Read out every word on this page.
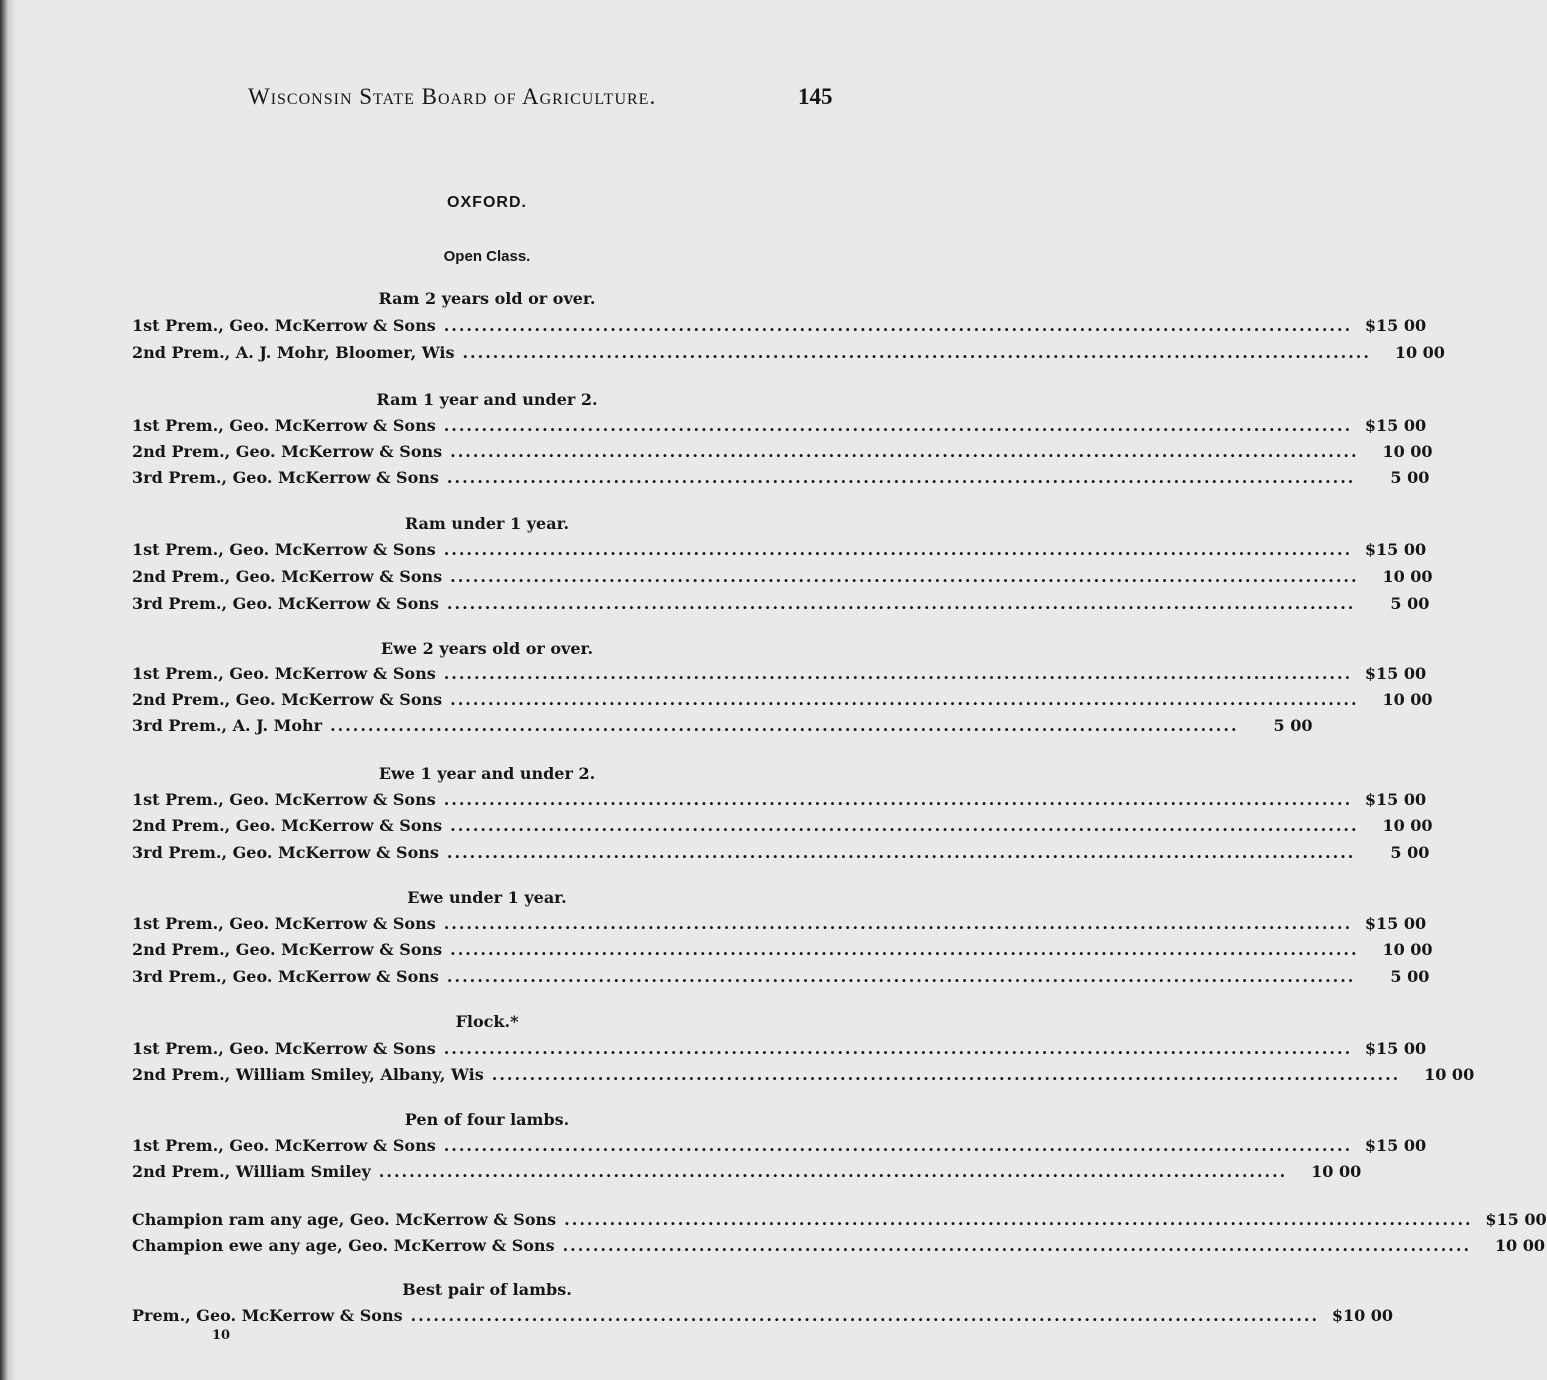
Wisconsin State Board of Agriculture.	145
OXFORD.
Open Class.
Ram 2 years old or over.
1st Prem., Geo. McKerrow & Sons ........................................................................................................................ $15 00
2nd Prem., A. J. Mohr, Bloomer, Wis ........................................................................................................................	10 00
Ram 1 year and under 2.
1st Prem., Geo. McKerrow & Sons ........................................................................................................................ $15 00
2nd Prem., Geo. McKerrow & Sons ........................................................................................................................	10 00
3rd Prem., Geo. McKerrow & Sons ........................................................................................................................	5 00
Ram under 1 year.
1st Prem., Geo. McKerrow & Sons ........................................................................................................................ $15 00
2nd Prem., Geo. McKerrow & Sons ........................................................................................................................	10 00
3rd Prem., Geo. McKerrow & Sons ........................................................................................................................	5 00
Ewe 2 years old or over.
1st Prem., Geo. McKerrow & Sons ........................................................................................................................ $15 00
2nd Prem., Geo. McKerrow & Sons ........................................................................................................................	10 00
3rd Prem., A. J. Mohr ........................................................................................................................	5 00
Ewe 1 year and under 2.
1st Prem., Geo. McKerrow & Sons ........................................................................................................................ $15 00
2nd Prem., Geo. McKerrow & Sons ........................................................................................................................	10 00
3rd Prem., Geo. McKerrow & Sons ........................................................................................................................	5 00
Ewe under 1 year.
1st Prem., Geo. McKerrow & Sons ........................................................................................................................ $15 00
2nd Prem., Geo. McKerrow & Sons ........................................................................................................................	10 00
3rd Prem., Geo. McKerrow & Sons ........................................................................................................................	5 00
Flock.*
1st Prem., Geo. McKerrow & Sons ........................................................................................................................ $15 00
2nd Prem., William Smiley, Albany, Wis ........................................................................................................................	10 00
Pen of four lambs.
1st Prem., Geo. McKerrow & Sons ........................................................................................................................ $15 00
2nd Prem., William Smiley ........................................................................................................................	10 00
Champion ram any age, Geo. McKerrow & Sons ........................................................................................................................ $15 00
Champion ewe any age, Geo. McKerrow & Sons ........................................................................................................................	10 00
Best pair of lambs.
Prem., Geo. McKerrow & Sons ........................................................................................................................ $10 00
10
